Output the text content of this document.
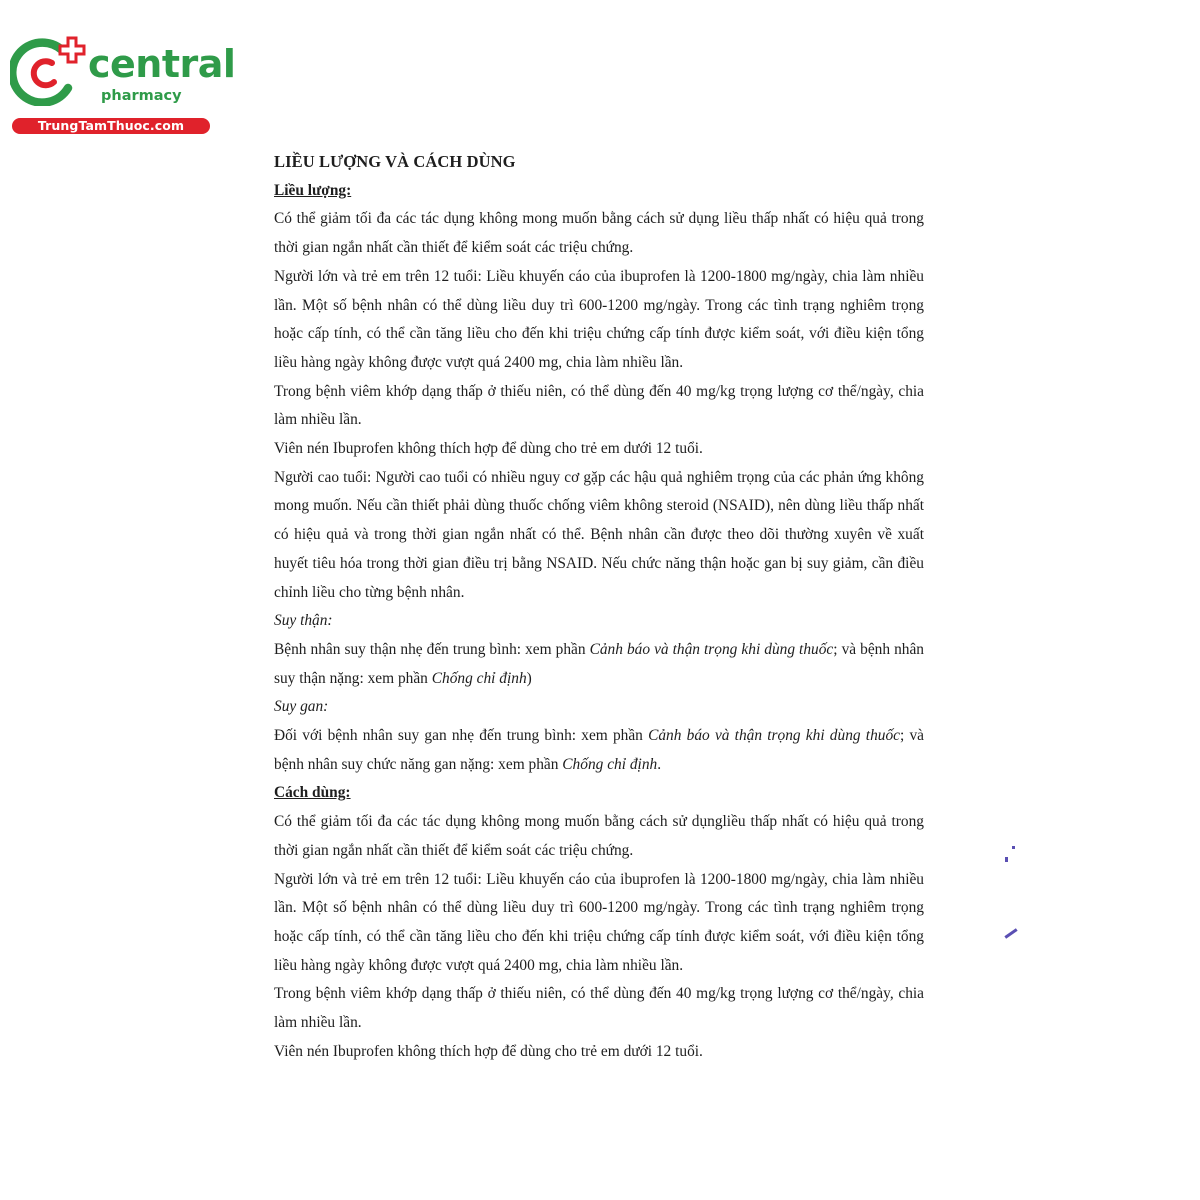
central
pharmacy
TrungTamThuoc.com

LIỀU LƯỢNG VÀ CÁCH DÙNG

Liều lượng:

Có thể giảm tối đa các tác dụng không mong muốn bằng cách sử dụng liều thấp nhất có hiệu quả trong thời gian ngắn nhất cần thiết để kiểm soát các triệu chứng.

Người lớn và trẻ em trên 12 tuổi: Liều khuyến cáo của ibuprofen là 1200-1800 mg/ngày, chia làm nhiều lần. Một số bệnh nhân có thể dùng liều duy trì 600-1200 mg/ngày. Trong các tình trạng nghiêm trọng hoặc cấp tính, có thể cần tăng liều cho đến khi triệu chứng cấp tính được kiểm soát, với điều kiện tổng liều hàng ngày không được vượt quá 2400 mg, chia làm nhiều lần.

Trong bệnh viêm khớp dạng thấp ở thiếu niên, có thể dùng đến 40 mg/kg trọng lượng cơ thể/ngày, chia làm nhiều lần.

Viên nén Ibuprofen không thích hợp để dùng cho trẻ em dưới 12 tuổi.

Người cao tuổi: Người cao tuổi có nhiều nguy cơ gặp các hậu quả nghiêm trọng của các phản ứng không mong muốn. Nếu cần thiết phải dùng thuốc chống viêm không steroid (NSAID), nên dùng liều thấp nhất có hiệu quả và trong thời gian ngắn nhất có thể. Bệnh nhân cần được theo dõi thường xuyên về xuất huyết tiêu hóa trong thời gian điều trị bằng NSAID. Nếu chức năng thận hoặc gan bị suy giảm, cần điều chỉnh liều cho từng bệnh nhân.

Suy thận:

Bệnh nhân suy thận nhẹ đến trung bình: xem phần Cảnh báo và thận trọng khi dùng thuốc; và bệnh nhân suy thận nặng: xem phần Chống chỉ định)

Suy gan:

Đối với bệnh nhân suy gan nhẹ đến trung bình: xem phần Cảnh báo và thận trọng khi dùng thuốc; và bệnh nhân suy chức năng gan nặng: xem phần Chống chỉ định.

Cách dùng:

Có thể giảm tối đa các tác dụng không mong muốn bằng cách sử dụngliều thấp nhất có hiệu quả trong thời gian ngắn nhất cần thiết để kiểm soát các triệu chứng.

Người lớn và trẻ em trên 12 tuổi: Liều khuyến cáo của ibuprofen là 1200-1800 mg/ngày, chia làm nhiều lần. Một số bệnh nhân có thể dùng liều duy trì 600-1200 mg/ngày. Trong các tình trạng nghiêm trọng hoặc cấp tính, có thể cần tăng liều cho đến khi triệu chứng cấp tính được kiểm soát, với điều kiện tổng liều hàng ngày không được vượt quá 2400 mg, chia làm nhiều lần.

Trong bệnh viêm khớp dạng thấp ở thiếu niên, có thể dùng đến 40 mg/kg trọng lượng cơ thể/ngày, chia làm nhiều lần.

Viên nén Ibuprofen không thích hợp để dùng cho trẻ em dưới 12 tuổi.
